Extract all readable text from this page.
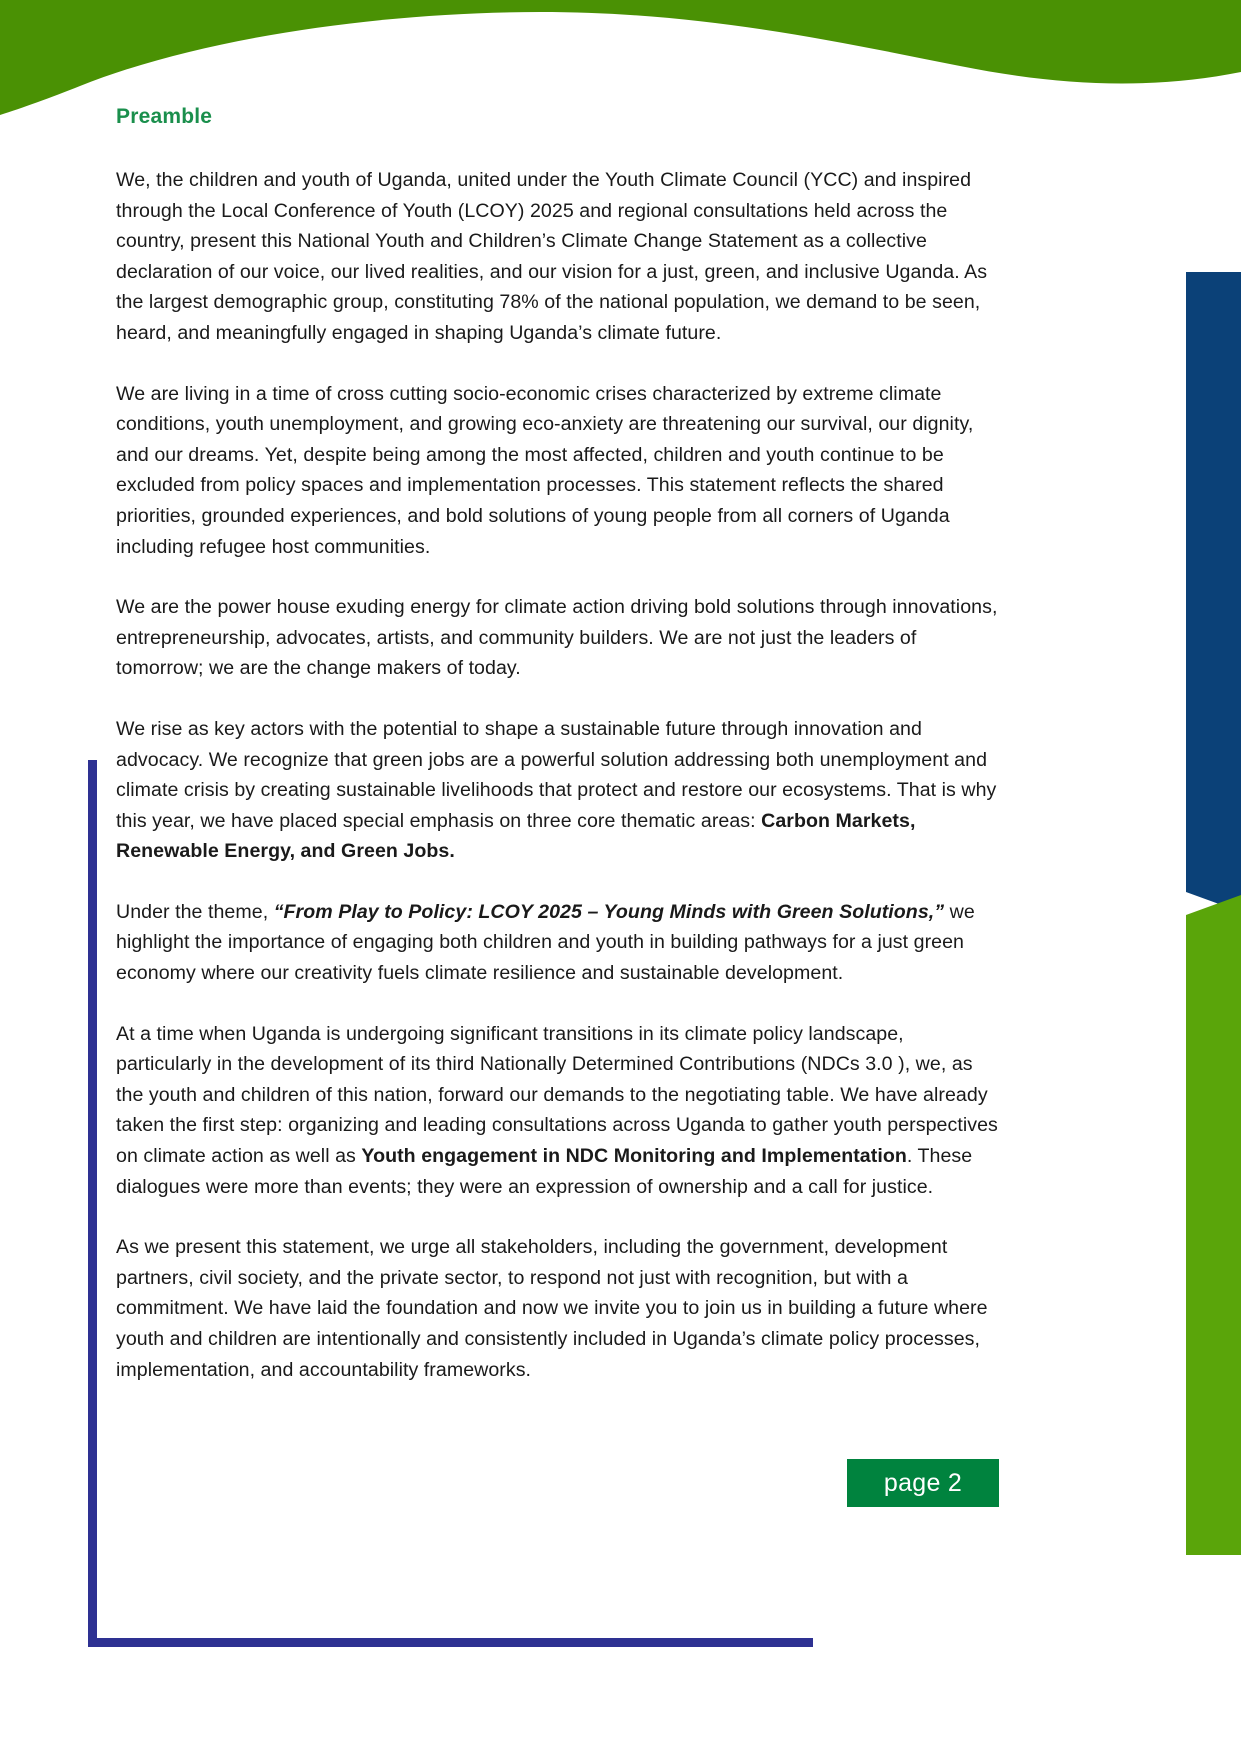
page 2
Preamble

We, the children and youth of Uganda, united under the Youth Climate Council (YCC) and inspired through the Local Conference of Youth (LCOY) 2025 and regional consultations held across the country, present this National Youth and Children’s Climate Change Statement as a collective declaration of our voice, our lived realities, and our vision for a just, green, and inclusive Uganda. As the largest demographic group, constituting 78% of the national population, we demand to be seen, heard, and meaningfully engaged in shaping Uganda’s climate future.

We are living in a time of cross cutting socio-economic crises characterized by extreme climate conditions, youth unemployment, and growing eco-anxiety are threatening our survival, our dignity, and our dreams. Yet, despite being among the most affected, children and youth continue to be excluded from policy spaces and implementation processes. This statement reflects the shared priorities, grounded experiences, and bold solutions of young people from all corners of Uganda including refugee host communities.

We are the power house exuding energy for climate action driving bold solutions through innovations, entrepreneurship, advocates, artists, and community builders. We are not just the leaders of tomorrow; we are the change makers of today.

We rise as key actors with the potential to shape a sustainable future through innovation and advocacy. We recognize that green jobs are a powerful solution addressing both unemployment and climate crisis by creating sustainable livelihoods that protect and restore our ecosystems. That is why this year, we have placed special emphasis on three core thematic areas: Carbon Markets, Renewable Energy, and Green Jobs.

Under the theme, “From Play to Policy: LCOY 2025 – Young Minds with Green Solutions,” we highlight the importance of engaging both children and youth in building pathways for a just green economy where our creativity fuels climate resilience and sustainable development.

At a time when Uganda is undergoing significant transitions in its climate policy landscape, particularly in the development of its third Nationally Determined Contributions (NDCs 3.0 ), we, as the youth and children of this nation, forward our demands to the negotiating table. We have already taken the first step: organizing and leading consultations across Uganda to gather youth perspectives on climate action as well as Youth engagement in NDC Monitoring and Implementation. These dialogues were more than events; they were an expression of ownership and a call for justice.

As we present this statement, we urge all stakeholders, including the government, development partners, civil society, and the private sector, to respond not just with recognition, but with a commitment. We have laid the foundation and now we invite you to join us in building a future where youth and children are intentionally and consistently included in Uganda’s climate policy processes, implementation, and accountability frameworks.
